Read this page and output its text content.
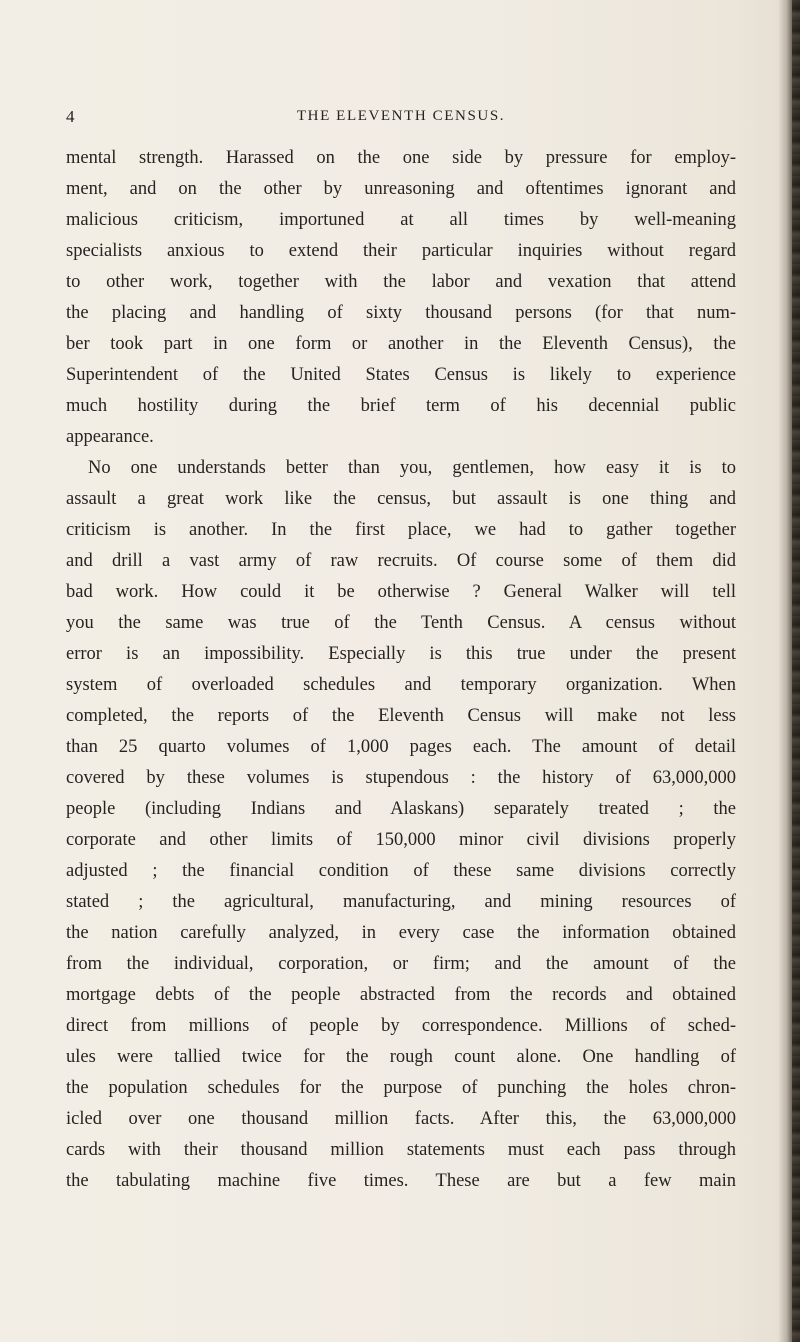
4	THE ELEVENTH CENSUS.
mental strength. Harassed on the one side by pressure for employ-
ment, and on the other by unreasoning and oftentimes ignorant and
malicious criticism, importuned at all times by well-meaning
specialists anxious to extend their particular inquiries without regard
to other work, together with the labor and vexation that attend
the placing and handling of sixty thousand persons (for that num-
ber took part in one form or another in the Eleventh Census), the
Superintendent of the United States Census is likely to experience
much hostility during the brief term of his decennial public
appearance.
No one understands better than you, gentlemen, how easy it is to
assault a great work like the census, but assault is one thing and
criticism is another. In the first place, we had to gather together
and drill a vast army of raw recruits. Of course some of them did
bad work. How could it be otherwise ? General Walker will tell
you the same was true of the Tenth Census. A census without
error is an impossibility. Especially is this true under the present
system of overloaded schedules and temporary organization. When
completed, the reports of the Eleventh Census will make not less
than 25 quarto volumes of 1,000 pages each. The amount of detail
covered by these volumes is stupendous : the history of 63,000,000
people (including Indians and Alaskans) separately treated ; the
corporate and other limits of 150,000 minor civil divisions properly
adjusted ; the financial condition of these same divisions correctly
stated ; the agricultural, manufacturing, and mining resources of
the nation carefully analyzed, in every case the information obtained
from the individual, corporation, or firm; and the amount of the
mortgage debts of the people abstracted from the records and obtained
direct from millions of people by correspondence. Millions of sched-
ules were tallied twice for the rough count alone. One handling of
the population schedules for the purpose of punching the holes chron-
icled over one thousand million facts. After this, the 63,000,000
cards with their thousand million statements must each pass through
the tabulating machine five times. These are but a few main
